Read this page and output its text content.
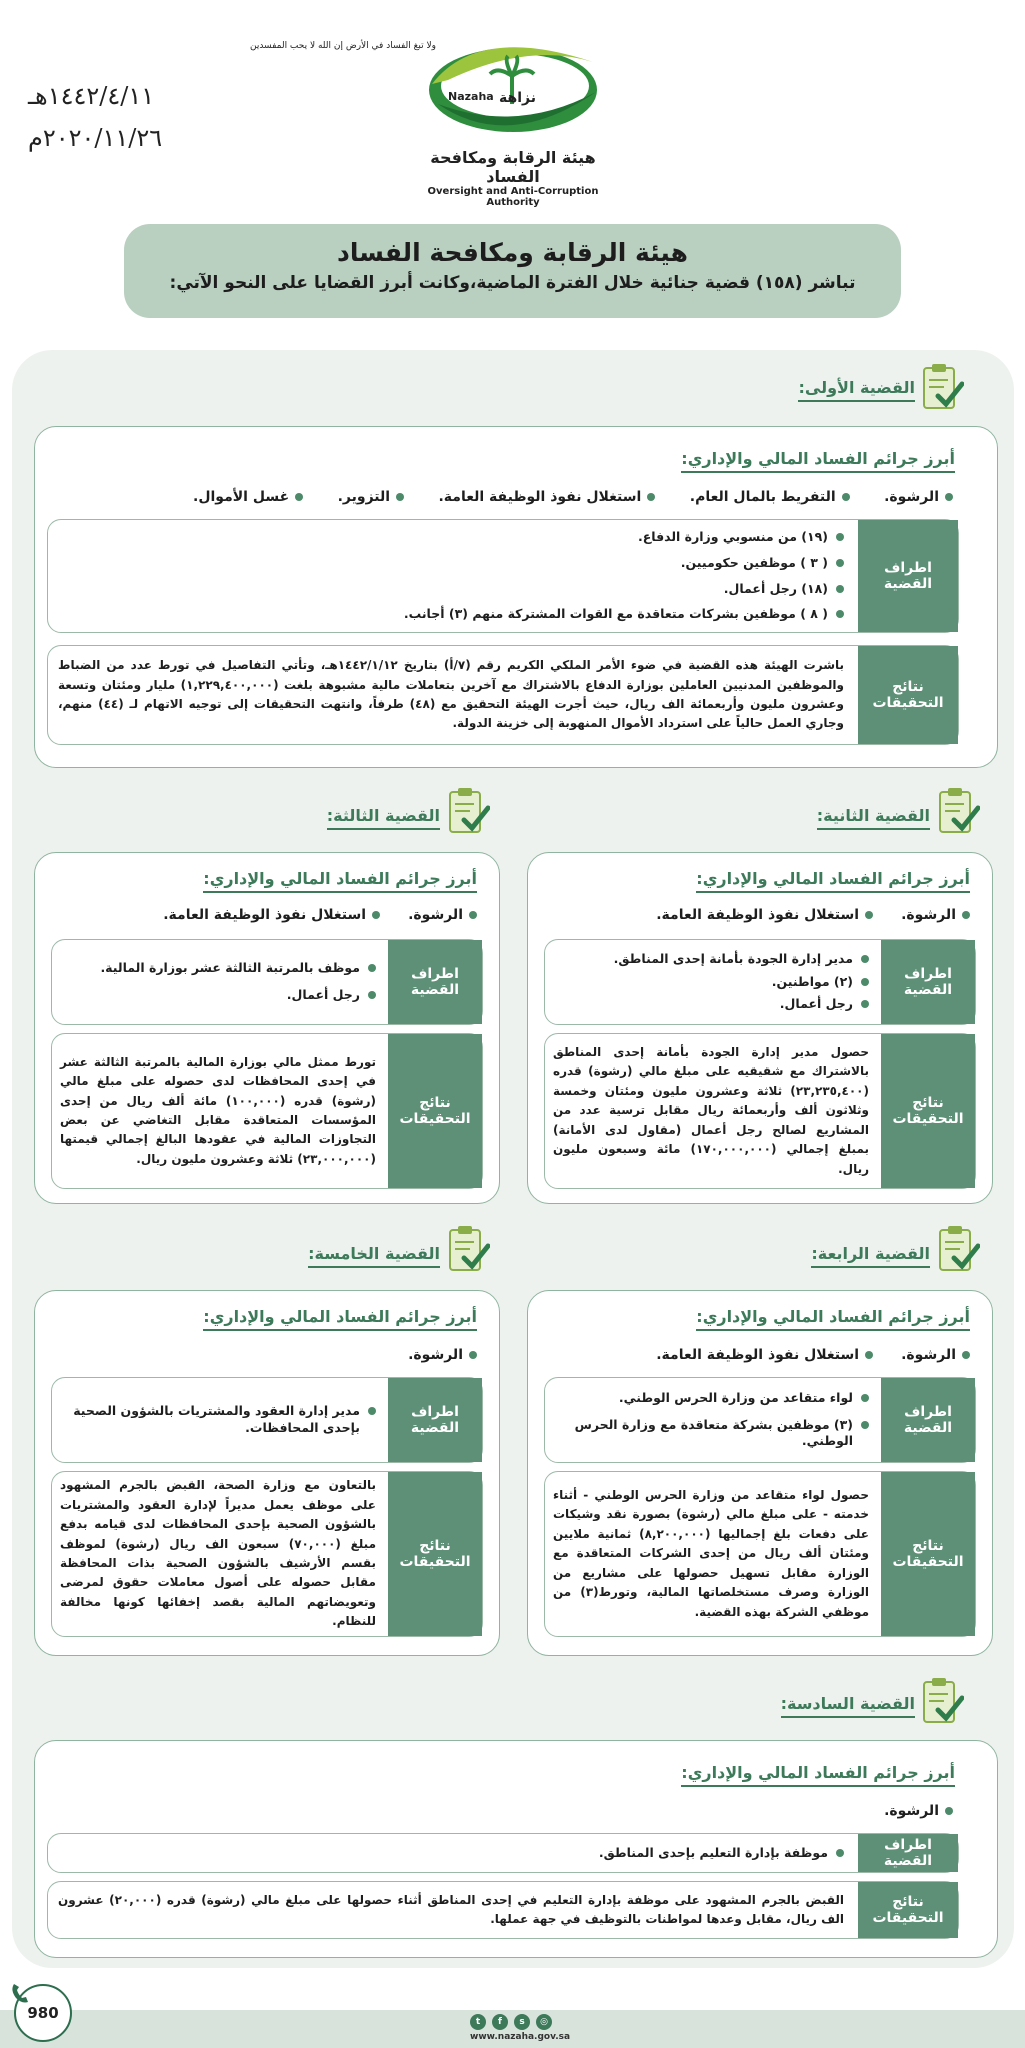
١٤٤٢/٤/١١هـ
٢٠٢٠/١١/٢٦م
ولا تبغ الفساد في الأرض إن الله لا يحب المفسدين
Nazaha نزاهة
هيئة الرقابة ومكافحة الفساد
Oversight and Anti-Corruption Authority
هيئة الرقابة ومكافحة الفساد

تباشر (١٥٨) قضية جنائية خلال الفترة الماضية،وكانت أبرز القضايا على النحو الآتي:

القضية الأولى:
أبرز جرائم الفساد المالي والإداري:
الرشوة.
التفريط بالمال العام.
استغلال نفوذ الوظيفة العامة.
التزوير.
غسل الأموال.
اطراف القضية
(١٩) من منسوبي وزارة الدفاع.
( ٣ ) موظفين حكوميين.
(١٨) رجل أعمال.
( ٨ ) موظفين بشركات متعاقدة مع القوات المشتركة منهم (٣) أجانب.
نتائج التحقيقات
باشرت الهيئة هذه القضية في ضوء الأمر الملكي الكريم رقم (٧/أ) بتاريخ ١٤٤٢/١/١٢هـ، وتأتي التفاصيل في تورط عدد من الضباط والموظفين المدنيين العاملين بوزارة الدفاع بالاشتراك مع آخرين بتعاملات مالية مشبوهة بلغت (١,٢٢٩,٤٠٠,٠٠٠) مليار ومئتان وتسعة وعشرون مليون وأربعمائة الف ريال، حيث أجرت الهيئة التحقيق مع (٤٨) طرفاً، وانتهت التحقيقات إلى توجيه الاتهام لـ (٤٤) منهم، وجاري العمل حالياً على استرداد الأموال المنهوبة إلى خزينة الدولة.
القضية الثانية:
أبرز جرائم الفساد المالي والإداري:
الرشوة.
استغلال نفوذ الوظيفة العامة.
اطراف القضية
مدير إدارة الجودة بأمانة إحدى المناطق.
(٢) مواطنين.
رجل أعمال.
نتائج التحقيقات
حصول مدير إدارة الجودة بأمانة إحدى المناطق بالاشتراك مع شقيقيه على مبلغ مالي (رشوة) قدره (٢٣,٢٣٥,٤٠٠) ثلاثة وعشرون مليون ومئتان وخمسة وثلاثون ألف وأربعمائة ريال مقابل ترسية عدد من المشاريع لصالح رجل أعمال (مقاول لدى الأمانة) بمبلغ إجمالي (١٧٠,٠٠٠,٠٠٠) مائة وسبعون مليون ريال.
القضية الثالثة:
أبرز جرائم الفساد المالي والإداري:
الرشوة.
استغلال نفوذ الوظيفة العامة.
اطراف القضية
موظف بالمرتبة الثالثة عشر بوزارة المالية.
رجل أعمال.
نتائج التحقيقات
تورط ممثل مالي بوزارة المالية بالمرتبة الثالثة عشر في إحدى المحافظات لدى حصوله على مبلغ مالي (رشوة) قدره (١٠٠,٠٠٠) مائة ألف ريال من إحدى المؤسسات المتعاقدة مقابل التغاضي عن بعض التجاوزات المالية في عقودها البالغ إجمالي قيمتها (٢٣,٠٠٠,٠٠٠) ثلاثة وعشرون مليون ريال.
القضية الرابعة:
أبرز جرائم الفساد المالي والإداري:
الرشوة.
استغلال نفوذ الوظيفة العامة.
اطراف القضية
لواء متقاعد من وزارة الحرس الوطني.
(٣) موظفين بشركة متعاقدة مع وزارة الحرس الوطني.
نتائج التحقيقات
حصول لواء متقاعد من وزارة الحرس الوطني - أثناء خدمته - على مبلغ مالي (رشوة) بصورة نقد وشيكات على دفعات بلغ إجماليها (٨,٢٠٠,٠٠٠) ثمانية ملايين ومئتان ألف ريال من إحدى الشركات المتعاقدة مع الوزارة مقابل تسهيل حصولها على مشاريع من الوزارة وصرف مستخلصاتها المالية، وتورط(٣) من موظفي الشركة بهذه القضية.
القضية الخامسة:
أبرز جرائم الفساد المالي والإداري:
الرشوة.
اطراف القضية
مدير إدارة العقود والمشتريات بالشؤون الصحية بإحدى المحافظات.
نتائج التحقيقات
بالتعاون مع وزارة الصحة، القبض بالجرم المشهود على موظف يعمل مديراً لإدارة العقود والمشتريات بالشؤون الصحية بإحدى المحافظات لدى قيامه بدفع مبلغ (٧٠,٠٠٠) سبعون الف ريال (رشوة) لموظف بقسم الأرشيف بالشؤون الصحية بذات المحافظة مقابل حصوله على أصول معاملات حقوق لمرضى وتعويضاتهم المالية بقصد إخفائها كونها مخالفة للنظام.
القضية السادسة:
أبرز جرائم الفساد المالي والإداري:
الرشوة.
اطراف القضية
موظفة بإدارة التعليم بإحدى المناطق.
نتائج التحقيقات
القبض بالجرم المشهود على موظفة بإدارة التعليم في إحدى المناطق أثناء حصولها على مبلغ مالي (رشوة) قدره (٢٠,٠٠٠) عشرون الف ريال، مقابل وعدها لمواطنات بالتوظيف في جهة عملها.
t	f	s	◎
www.nazaha.gov.sa
980
